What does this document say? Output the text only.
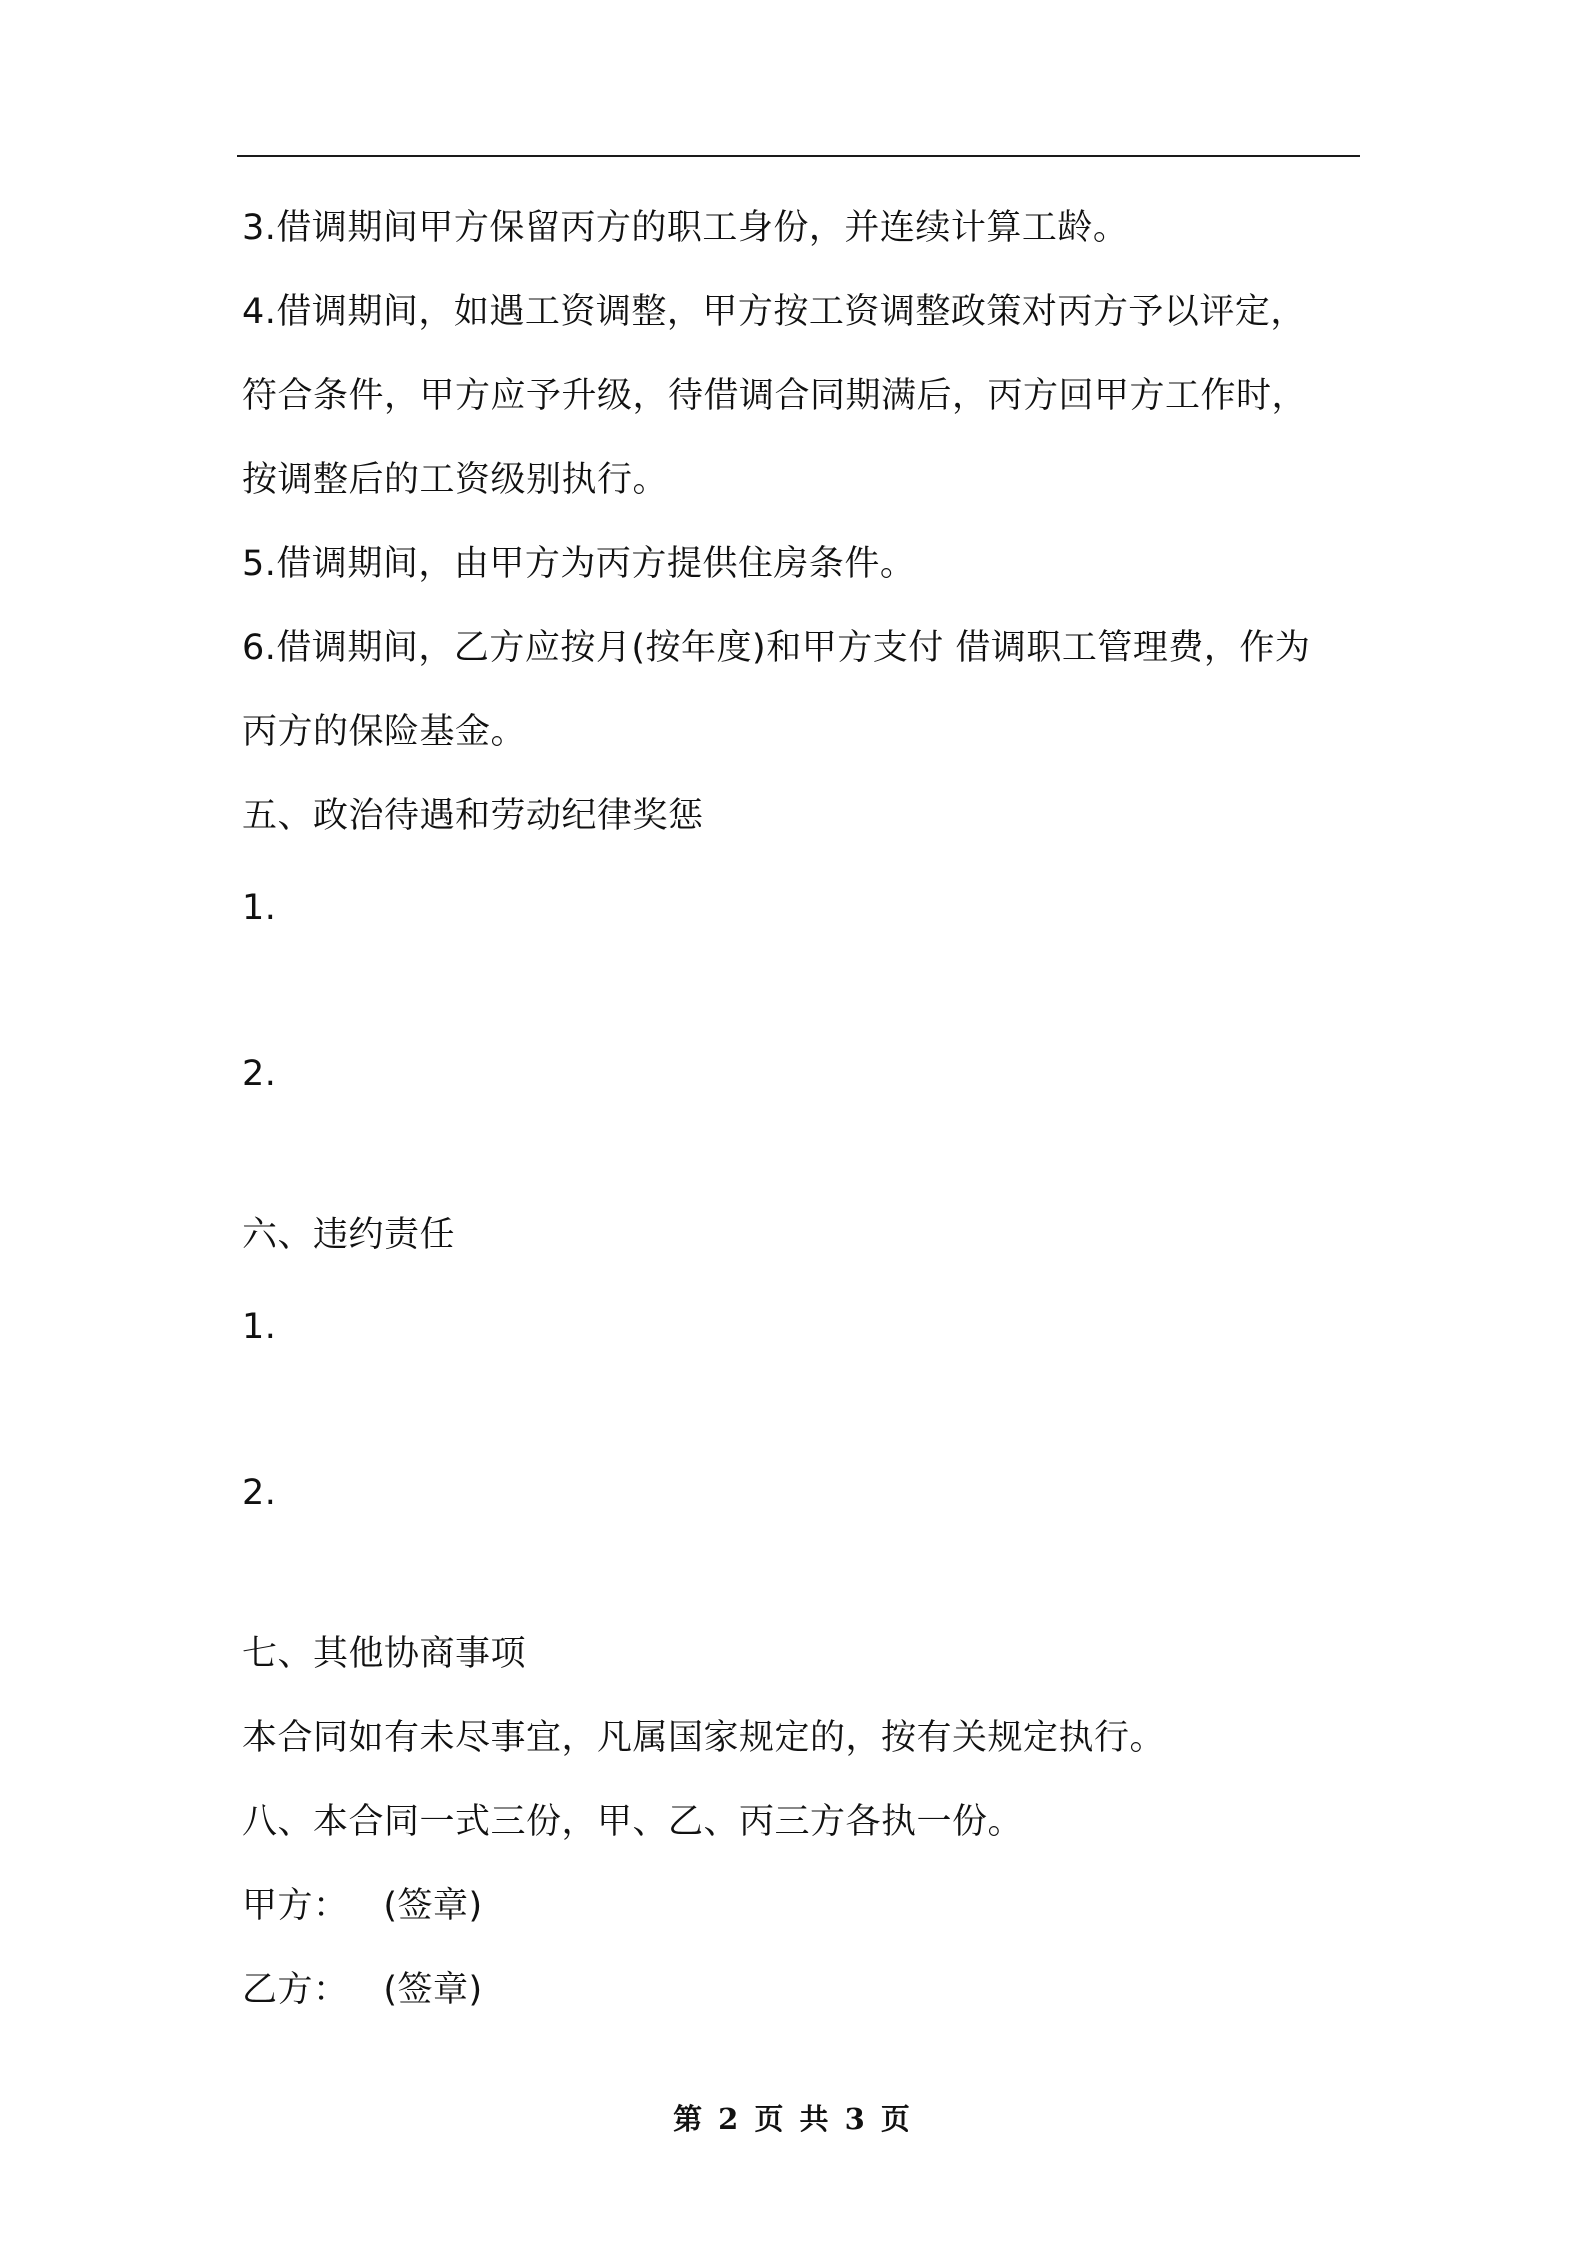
3.借调期间甲方保留丙方的职工身份，并连续计算工龄。
4.借调期间，如遇工资调整，甲方按工资调整政策对丙方予以评定，
符合条件，甲方应予升级，待借调合同期满后，丙方回甲方工作时，
按调整后的工资级别执行。
5.借调期间，由甲方为丙方提供住房条件。
6.借调期间，乙方应按月(按年度)和甲方支付 借调职工管理费，作为
丙方的保险基金。
五、政治待遇和劳动纪律奖惩
1.
2.
六、违约责任
1.
2.
七、其他协商事项
本合同如有未尽事宜，凡属国家规定的，按有关规定执行。
八、本合同一式三份，甲、乙、丙三方各执一份。
甲方：   (签章)
乙方：   (签章)
第 2 页 共 3 页
